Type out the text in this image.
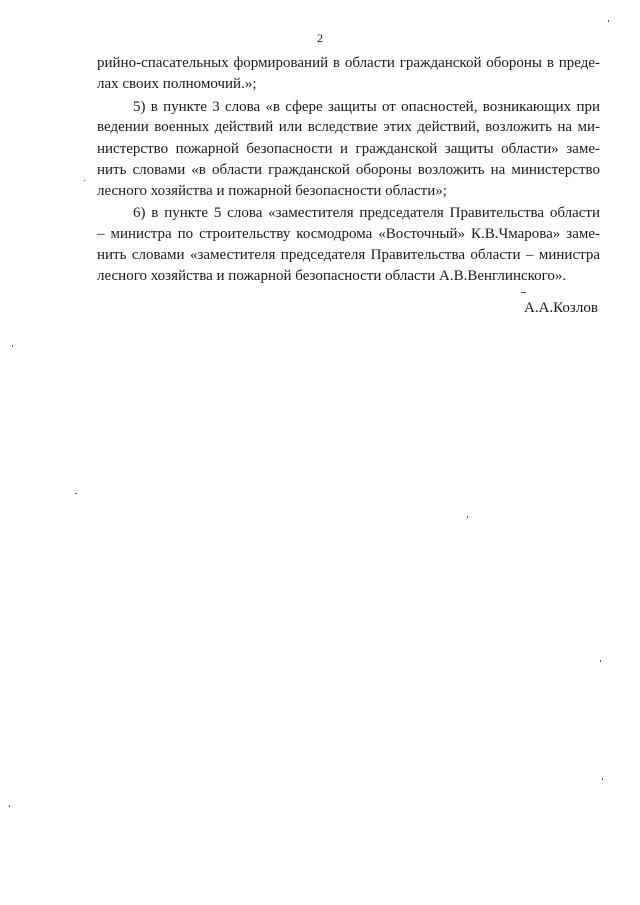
2
рийно-спасательных формирований в области гражданской обороны в преде-
лах своих полномочий.»;
5) в пункте 3 слова «в сфере защиты от опасностей, возникающих при
ведении военных действий или вследствие этих действий, возложить на ми-
нистерство пожарной безопасности и гражданской защиты области» заме-
нить словами «в области гражданской обороны возложить на министерство
лесного хозяйства и пожарной безопасности области»;
6) в пункте 5 слова «заместителя председателя Правительства области
– министра по строительству космодрома «Восточный» К.В.Чмарова» заме-
нить словами «заместителя председателя Правительства области – министра
лесного хозяйства и пожарной безопасности области А.В.Венглинского».
А.А.Козлов
